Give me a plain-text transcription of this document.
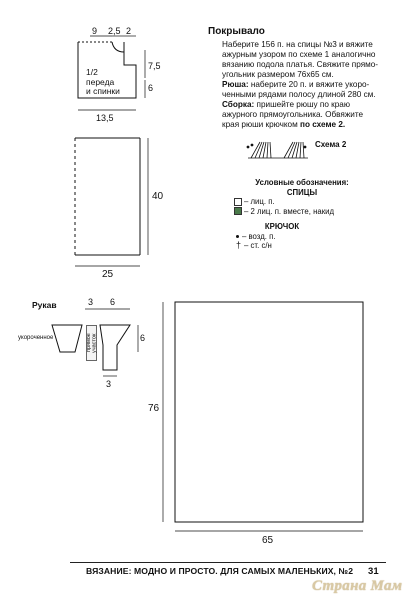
9 2,5 2
7,5
6
13,5
1/2
переда
и спинки
Покрывало
Наберите 156 п. на спицы №3 и вяжите
ажурным узором по схеме 1 аналогично
вязанию подола платья. Свяжите прямо-
угольник размером 76x65 см.
Рюша: наберите 20 п. и вяжите укоро-
ченными рядами полосу длиной 280 см.
Сборка: пришейте рюшу по краю
ажурного прямоугольника. Обвяжите
края рюши крючком по схеме 2.
Схема 2
Условные обозначения:
СПИЦЫ
– лиц. п.
– 2 лиц. п. вместе, накид
КРЮЧОК
– возд. п.
† – ст. с/н
40
25
Рукав	3 6
6
3
укороченное	прямое участок
76
65
ВЯЗАНИЕ: МОДНО И ПРОСТО. ДЛЯ САМЫХ МАЛЕНЬКИХ, №2 31
Страна Мам
